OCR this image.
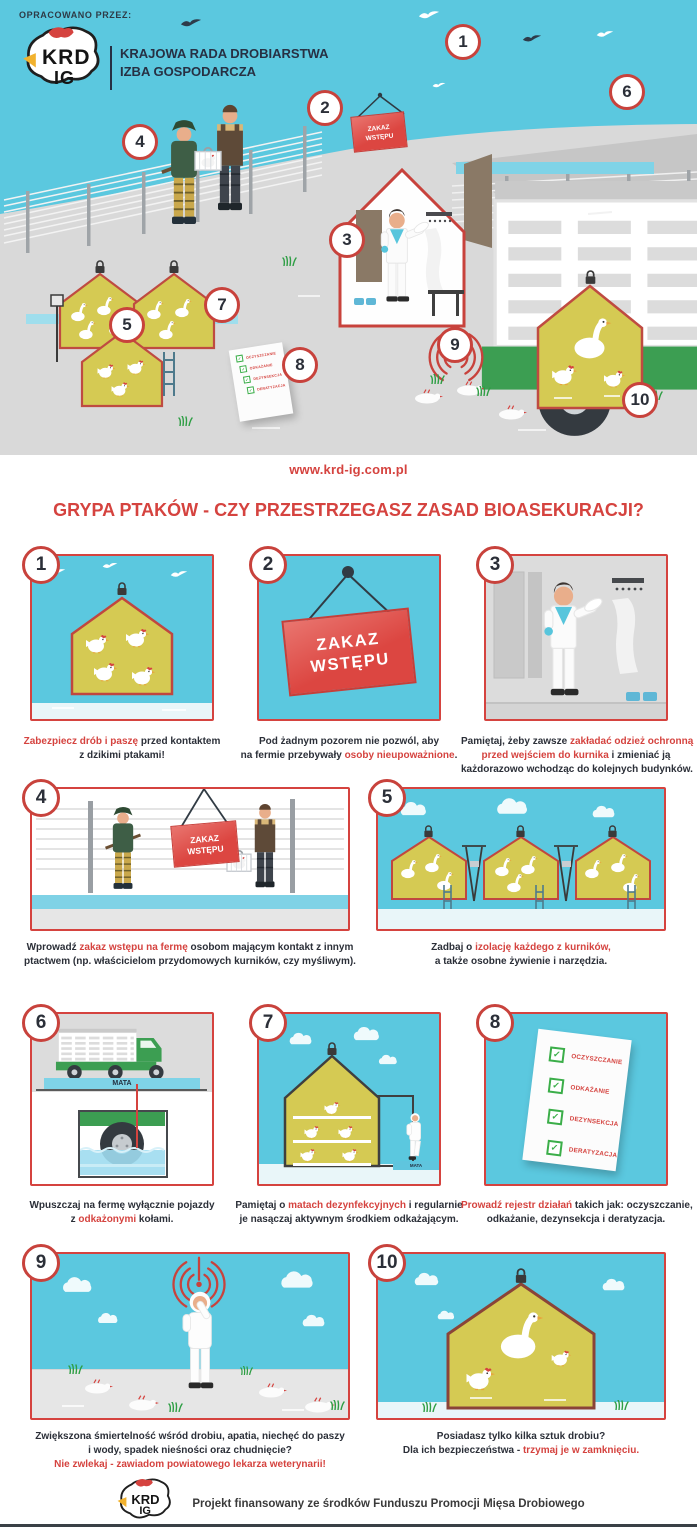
OPRACOWANO PRZEZ:
KRD
IG
KRAJOWA RADA DROBIARSTWA
IZBA GOSPODARCZA
ZAKAZ
WSTĘPU
✓	OCZYSZCZANIE
✓	ODKAŻANIE
✓	DEZYNSEKCJA
✓	DERATYZACJA
1
2
3
4
5
6
7
8
9
10
www.krd-ig.com.pl
GRYPA PTAKÓW - CZY PRZESTRZEGASZ ZASAD BIOASEKURACJI?
1
Zabezpiecz drób i paszę przed kontaktem
z dzikimi ptakami!
ZAKAZ
WSTĘPU
2
Pod żadnym pozorem nie pozwól, aby
na fermie przebywały osoby nieupoważnione.
3
Pamiętaj, żeby zawsze zakładać odzież ochronną
przed wejściem do kurnika i zmieniać ją
każdorazowo wchodząc do kolejnych budynków.
ZAKAZ
WSTĘPU
4
Wprowadź zakaz wstępu na fermę osobom mającym kontakt z innym
ptactwem (np. właścicielom przydomowych kurników, czy myśliwym).
5
Zadbaj o izolację każdego z kurników,
a także osobne żywienie i narzędzia.
MATA
6
Wpuszczaj na fermę wyłącznie pojazdy
z odkażonymi kołami.
MATA
7
Pamiętaj o matach dezynfekcyjnych i regularnie
je nasączaj aktywnym środkiem odkażającym.
✓	OCZYSZCZANIE
✓	ODKAŻANIE
✓	DEZYNSEKCJA
✓	DERATYZACJA
8
Prowadź rejestr działań takich jak: oczyszczanie,
odkażanie, dezynsekcja i deratyzacja.
9
Zwiększona śmiertelność wśród drobiu, apatia, niechęć do paszy
i wody, spadek nieśności oraz chudnięcie?
Nie zwlekaj - zawiadom powiatowego lekarza weterynarii!
10
Posiadasz tylko kilka sztuk drobiu?
Dla ich bezpieczeństwa - trzymaj je w zamknięciu.
KRD
IG
Projekt finansowany ze środków Funduszu Promocji Mięsa Drobiowego
